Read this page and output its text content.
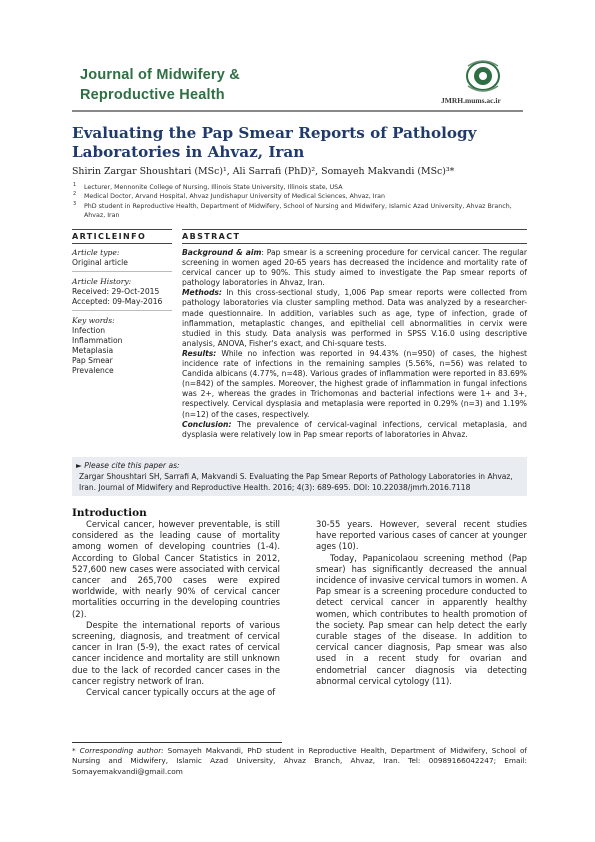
Journal of Midwifery &
Reproductive Health	JMRH.mums.ac.ir
Evaluating the Pap Smear Reports of Pathology Laboratories in Ahvaz, Iran
Shirin Zargar Shoushtari (MSc)¹, Ali Sarrafi (PhD)², Somayeh Makvandi (MSc)³*
1 Lecturer, Mennonite College of Nursing, Illinois State University, Illinois state, USA
2 Medical Doctor, Arvand Hospital, Ahvaz Jundishapur University of Medical Sciences, Ahvaz, Iran
3 PhD student in Reproductive Health, Department of Midwifery, School of Nursing and Midwifery, Islamic Azad University, Ahvaz Branch, Ahvaz, Iran
ARTICLEINFO	ABSTRACT
Article type:
Original article
Article History:
Received: 29-Oct-2015
Accepted: 09-May-2016
Key words:
Infection
Inflammation
Metaplasia
Pap Smear
Prevalence

Background & aim: Pap smear is a screening procedure for cervical cancer. The regular screening in women aged 20-65 years has decreased the incidence and mortality rate of cervical cancer up to 90%. This study aimed to investigate the Pap smear reports of pathology laboratories in Ahvaz, Iran.

Methods: In this cross-sectional study, 1,006 Pap smear reports were collected from pathology laboratories via cluster sampling method. Data was analyzed by a researcher-made questionnaire. In addition, variables such as age, type of infection, grade of inflammation, metaplastic changes, and epithelial cell abnormalities in cervix were studied in this study. Data analysis was performed in SPSS V.16.0 using descriptive analysis, ANOVA, Fisher's exact, and Chi-square tests.

Results: While no infection was reported in 94.43% (n=950) of cases, the highest incidence rate of infections in the remaining samples (5.56%, n=56) was related to Candida albicans (4.77%, n=48). Various grades of inflammation were reported in 83.69% (n=842) of the samples. Moreover, the highest grade of inflammation in fungal infections was 2+, whereas the grades in Trichomonas and bacterial infections were 1+ and 3+, respectively. Cervical dysplasia and metaplasia were reported in 0.29% (n=3) and 1.19% (n=12) of the cases, respectively.

Conclusion: The prevalence of cervical-vaginal infections, cervical metaplasia, and dysplasia were relatively low in Pap smear reports of laboratories in Ahvaz.

► Please cite this paper as:
Zargar Shoushtari SH, Sarrafi A, Makvandi S. Evaluating the Pap Smear Reports of Pathology Laboratories in Ahvaz, Iran. Journal of Midwifery and Reproductive Health. 2016; 4(3): 689-695. DOI: 10.22038/jmrh.2016.7118
Introduction

Cervical cancer, however preventable, is still considered as the leading cause of mortality among women of developing countries (1-4). According to Global Cancer Statistics in 2012, 527,600 new cases were associated with cervical cancer and 265,700 cases were expired worldwide, with nearly 90% of cervical cancer mortalities occurring in the developing countries (2).

Despite the international reports of various screening, diagnosis, and treatment of cervical cancer in Iran (5-9), the exact rates of cervical cancer incidence and mortality are still unknown due to the lack of recorded cancer cases in the cancer registry network of Iran.

Cervical cancer typically occurs at the age of

30-55 years. However, several recent studies have reported various cases of cancer at younger ages (10).

Today, Papanicolaou screening method (Pap smear) has significantly decreased the annual incidence of invasive cervical tumors in women. A Pap smear is a screening procedure conducted to detect cervical cancer in apparently healthy women, which contributes to health promotion of the society. Pap smear can help detect the early curable stages of the disease. In addition to cervical cancer diagnosis, Pap smear was also used in a recent study for ovarian and endometrial cancer diagnosis via detecting abnormal cervical cytology (11).

* Corresponding author: Somayeh Makvandi, PhD student in Reproductive Health, Department of Midwifery, School of Nursing and Midwifery, Islamic Azad University, Ahvaz Branch, Ahvaz, Iran. Tel: 00989166042247; Email: Somayemakvandi@gmail.com
